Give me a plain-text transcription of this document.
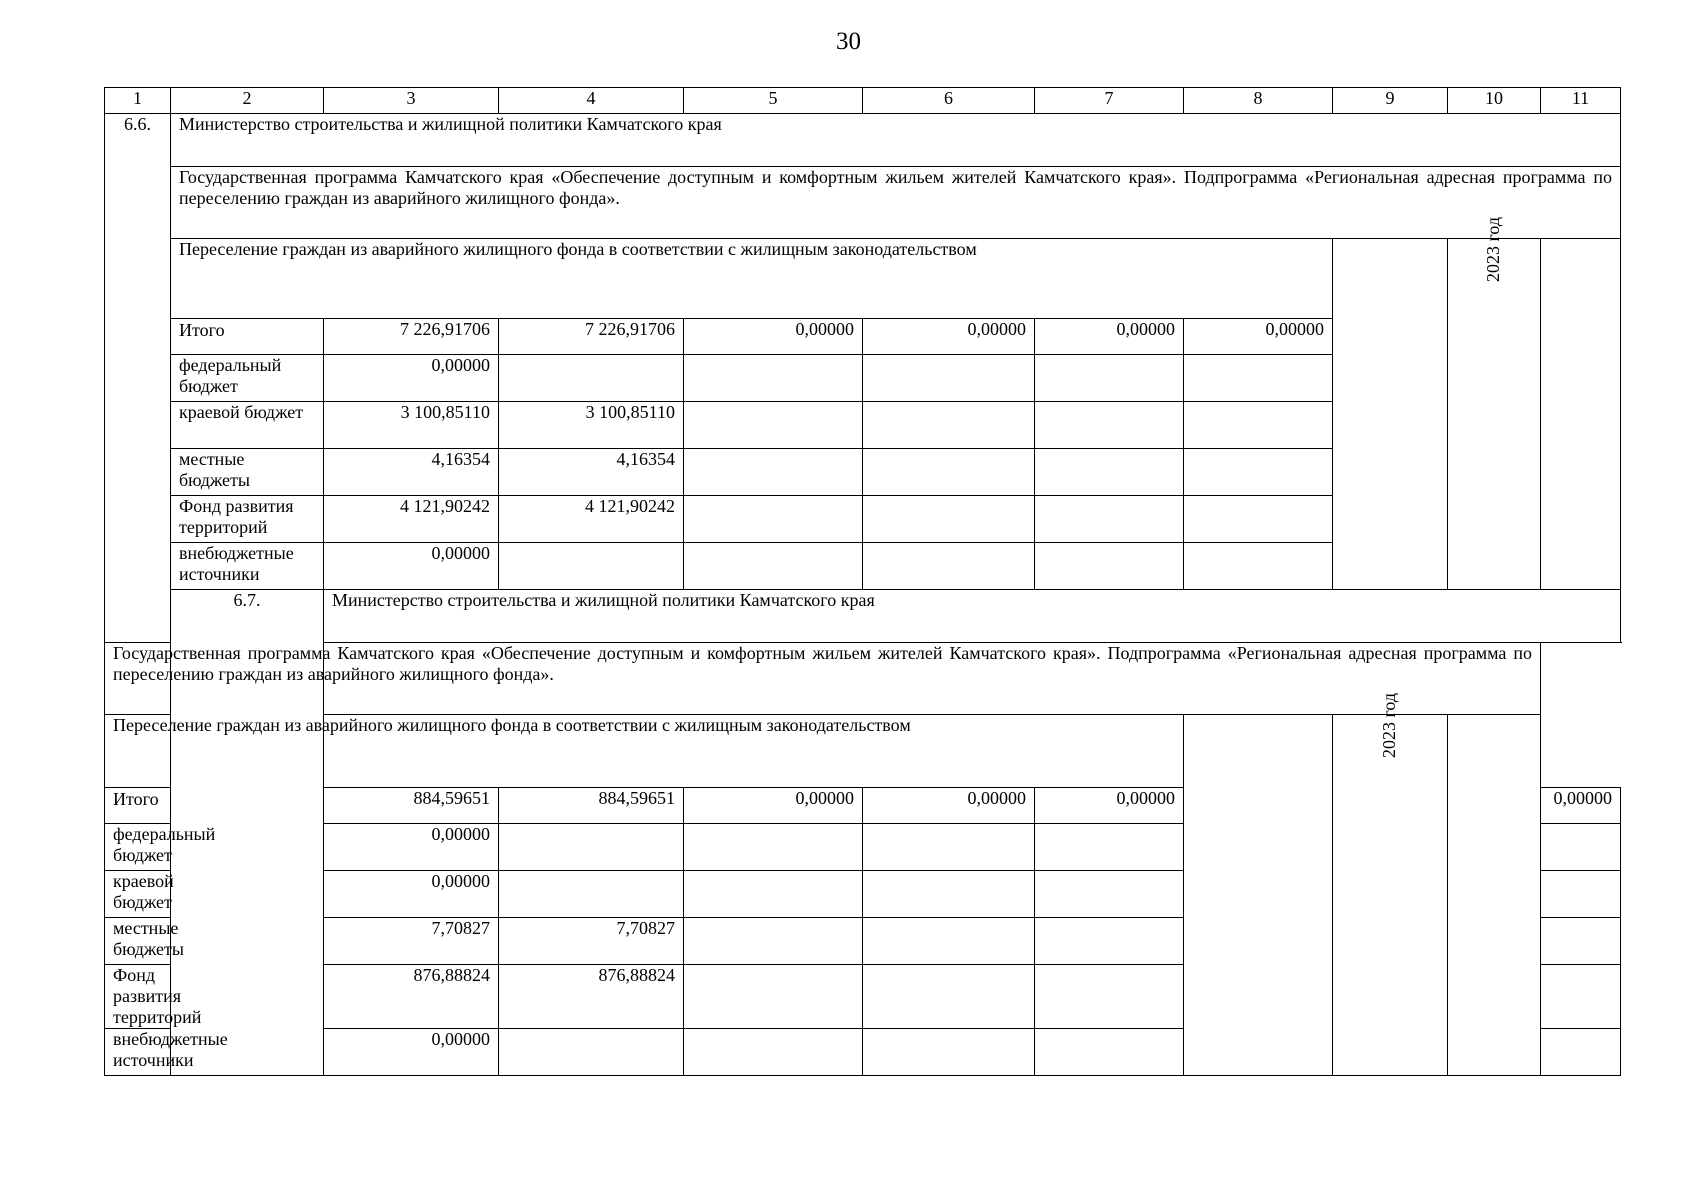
30
1	2	3	4	5	6	7	8	9	10	11
6.6.	Министерство строительства и жилищной политики Камчатского края									
	Государственная программа Камчатского края «Обеспечение доступным и комфортным жильем жителей Камчатского края». Подпрограмма «Региональная адресная программа по переселению граждан из аварийного жилищного фонда».									
	Переселение граждан из аварийного жилищного фонда в соответствии с жилищным законодательством								2023 год	
	Итого	7 226,91706	7 226,91706	0,00000	0,00000	0,00000	0,00000			
	федеральный бюджет	0,00000								
	краевой бюджет	3 100,85110	3 100,85110							
	местные бюджеты	4,16354	4,16354							
	Фонд развития территорий	4 121,90242	4 121,90242							
	внебюджетные источники	0,00000								
	6.7.	Министерство строительства и жилищной политики Камчатского края								
Государственная программа Камчатского края «Обеспечение доступным и комфортным жильем жителей Камчатского края». Подпрограмма «Региональная адресная программа по переселению граждан из аварийного жилищного фонда».										
Переселение граждан из аварийного жилищного фонда в соответствии с жилищным законодательством								2023 год		
Итого		884,59651	884,59651	0,00000	0,00000	0,00000				0,00000
федеральный бюджет		0,00000								
краевой бюджет		0,00000								
местные бюджеты		7,70827	7,70827							
Фонд развития территорий		876,88824	876,88824							
внебюджетные источники		0,00000								
